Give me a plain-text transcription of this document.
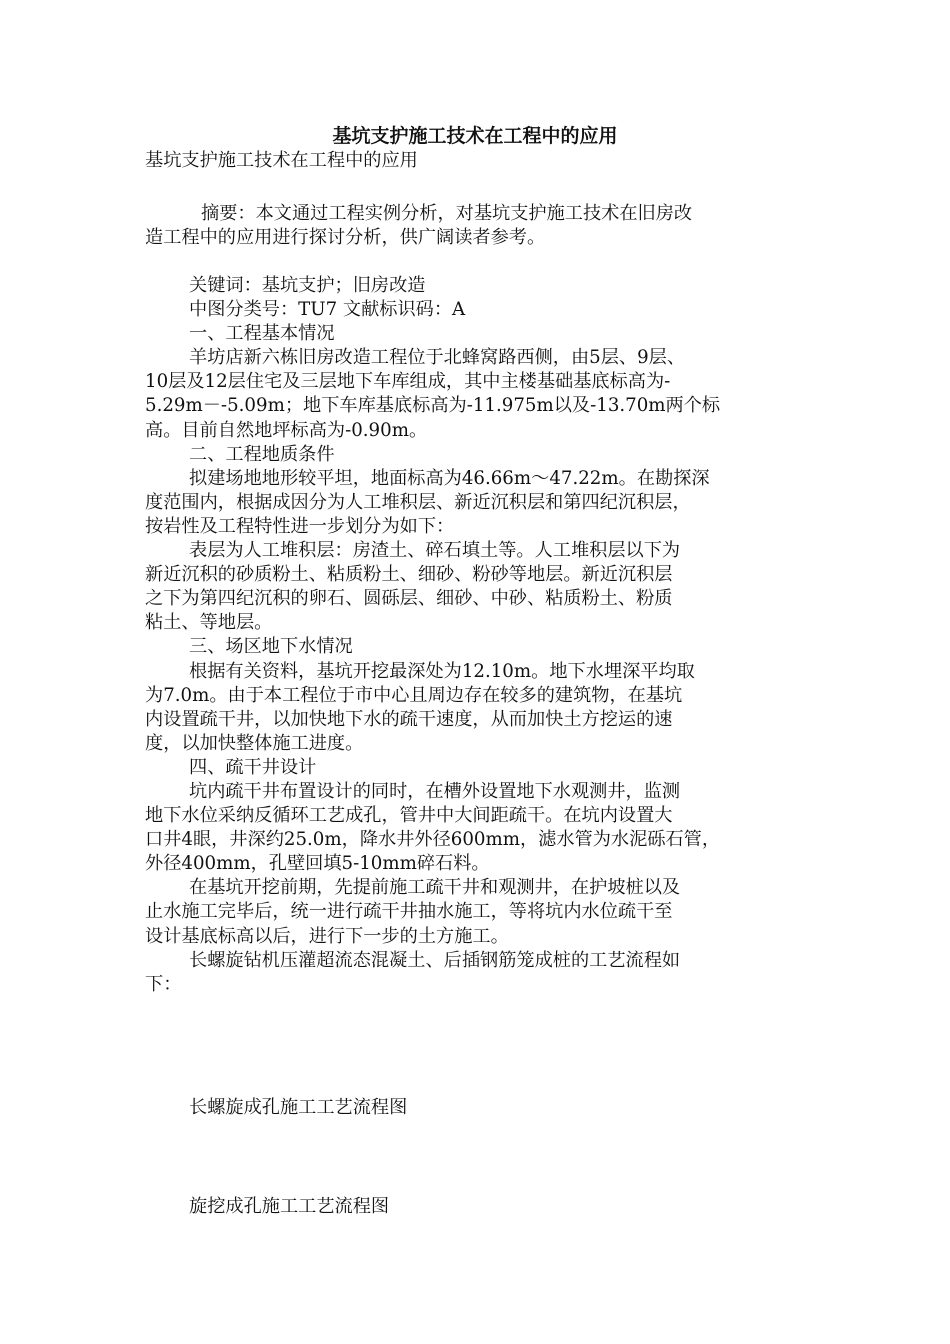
基坑支护施工技术在工程中的应用
基坑支护施工技术在工程中的应用
摘要：本文通过工程实例分析，对基坑支护施工技术在旧房改
造工程中的应用进行探讨分析，供广阔读者参考。
关键词：基坑支护；旧房改造
中图分类号：TU7 文献标识码：A
一、工程基本情况
羊坊店新六栋旧房改造工程位于北蜂窝路西侧，由5层、9层、
10层及12层住宅及三层地下车库组成，其中主楼基础基底标高为-
5.29m－-5.09m；地下车库基底标高为-11.975m以及-13.70m两个标
高。目前自然地坪标高为-0.90m。
二、工程地质条件
拟建场地地形较平坦，地面标高为46.66m～47.22m。在勘探深
度范围内，根据成因分为人工堆积层、新近沉积层和第四纪沉积层，
按岩性及工程特性进一步划分为如下：
表层为人工堆积层：房渣土、碎石填土等。人工堆积层以下为
新近沉积的砂质粉土、粘质粉土、细砂、粉砂等地层。新近沉积层
之下为第四纪沉积的卵石、圆砾层、细砂、中砂、粘质粉土、粉质
粘土、等地层。
三、场区地下水情况
根据有关资料，基坑开挖最深处为12.10m。地下水埋深平均取
为7.0m。由于本工程位于市中心且周边存在较多的建筑物，在基坑
内设置疏干井，以加快地下水的疏干速度，从而加快土方挖运的速
度，以加快整体施工进度。
四、疏干井设计
坑内疏干井布置设计的同时，在槽外设置地下水观测井，监测
地下水位采纳反循环工艺成孔，管井中大间距疏干。在坑内设置大
口井4眼，井深约25.0m，降水井外径600mm，滤水管为水泥砾石管，
外径400mm，孔壁回填5-10mm碎石料。
在基坑开挖前期，先提前施工疏干井和观测井，在护坡桩以及
止水施工完毕后，统一进行疏干井抽水施工，等将坑内水位疏干至
设计基底标高以后，进行下一步的土方施工。
长螺旋钻机压灌超流态混凝土、后插钢筋笼成桩的工艺流程如
下：
长螺旋成孔施工工艺流程图
旋挖成孔施工工艺流程图
